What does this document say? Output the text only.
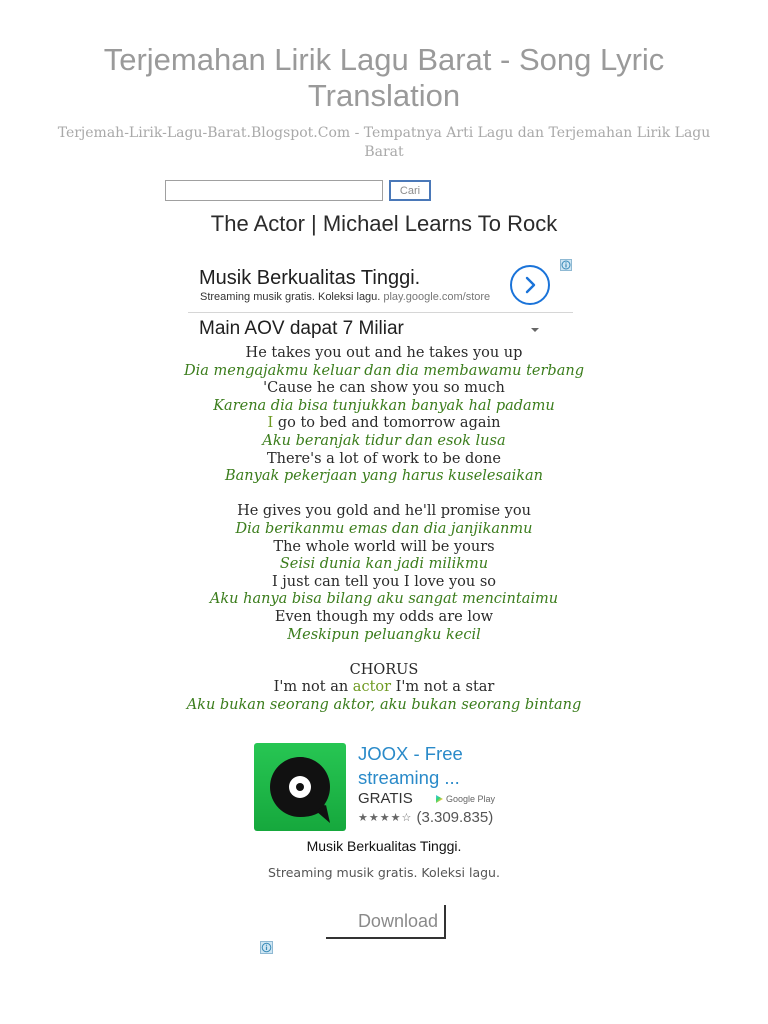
Terjemahan Lirik Lagu Barat - Song Lyric Translation
Terjemah-Lirik-Lagu-Barat.Blogspot.Com - Tempatnya Arti Lagu dan Terjemahan Lirik Lagu Barat
Cari
The Actor | Michael Learns To Rock
Musik Berkualitas Tinggi.
Streaming musik gratis. Koleksi lagu. play.google.com/store
Main AOV dapat 7 Miliar
He takes you out and he takes you up
Dia mengajakmu keluar dan dia membawamu terbang
'Cause he can show you so much
Karena dia bisa tunjukkan banyak hal padamu
I go to bed and tomorrow again
Aku beranjak tidur dan esok lusa
There's a lot of work to be done
Banyak pekerjaan yang harus kuselesaikan
He gives you gold and he'll promise you
Dia berikanmu emas dan dia janjikanmu
The whole world will be yours
Seisi dunia kan jadi milikmu
I just can tell you I love you so
Aku hanya bisa bilang aku sangat mencintaimu
Even though my odds are low
Meskipun peluangku kecil
CHORUS
I'm not an actor I'm not a star
Aku bukan seorang aktor, aku bukan seorang bintang
JOOX - Free streaming ...
GRATIS	Google Play
★★★★☆ (3.309.835)
Musik Berkualitas Tinggi.
Streaming musik gratis. Koleksi lagu.
Download
